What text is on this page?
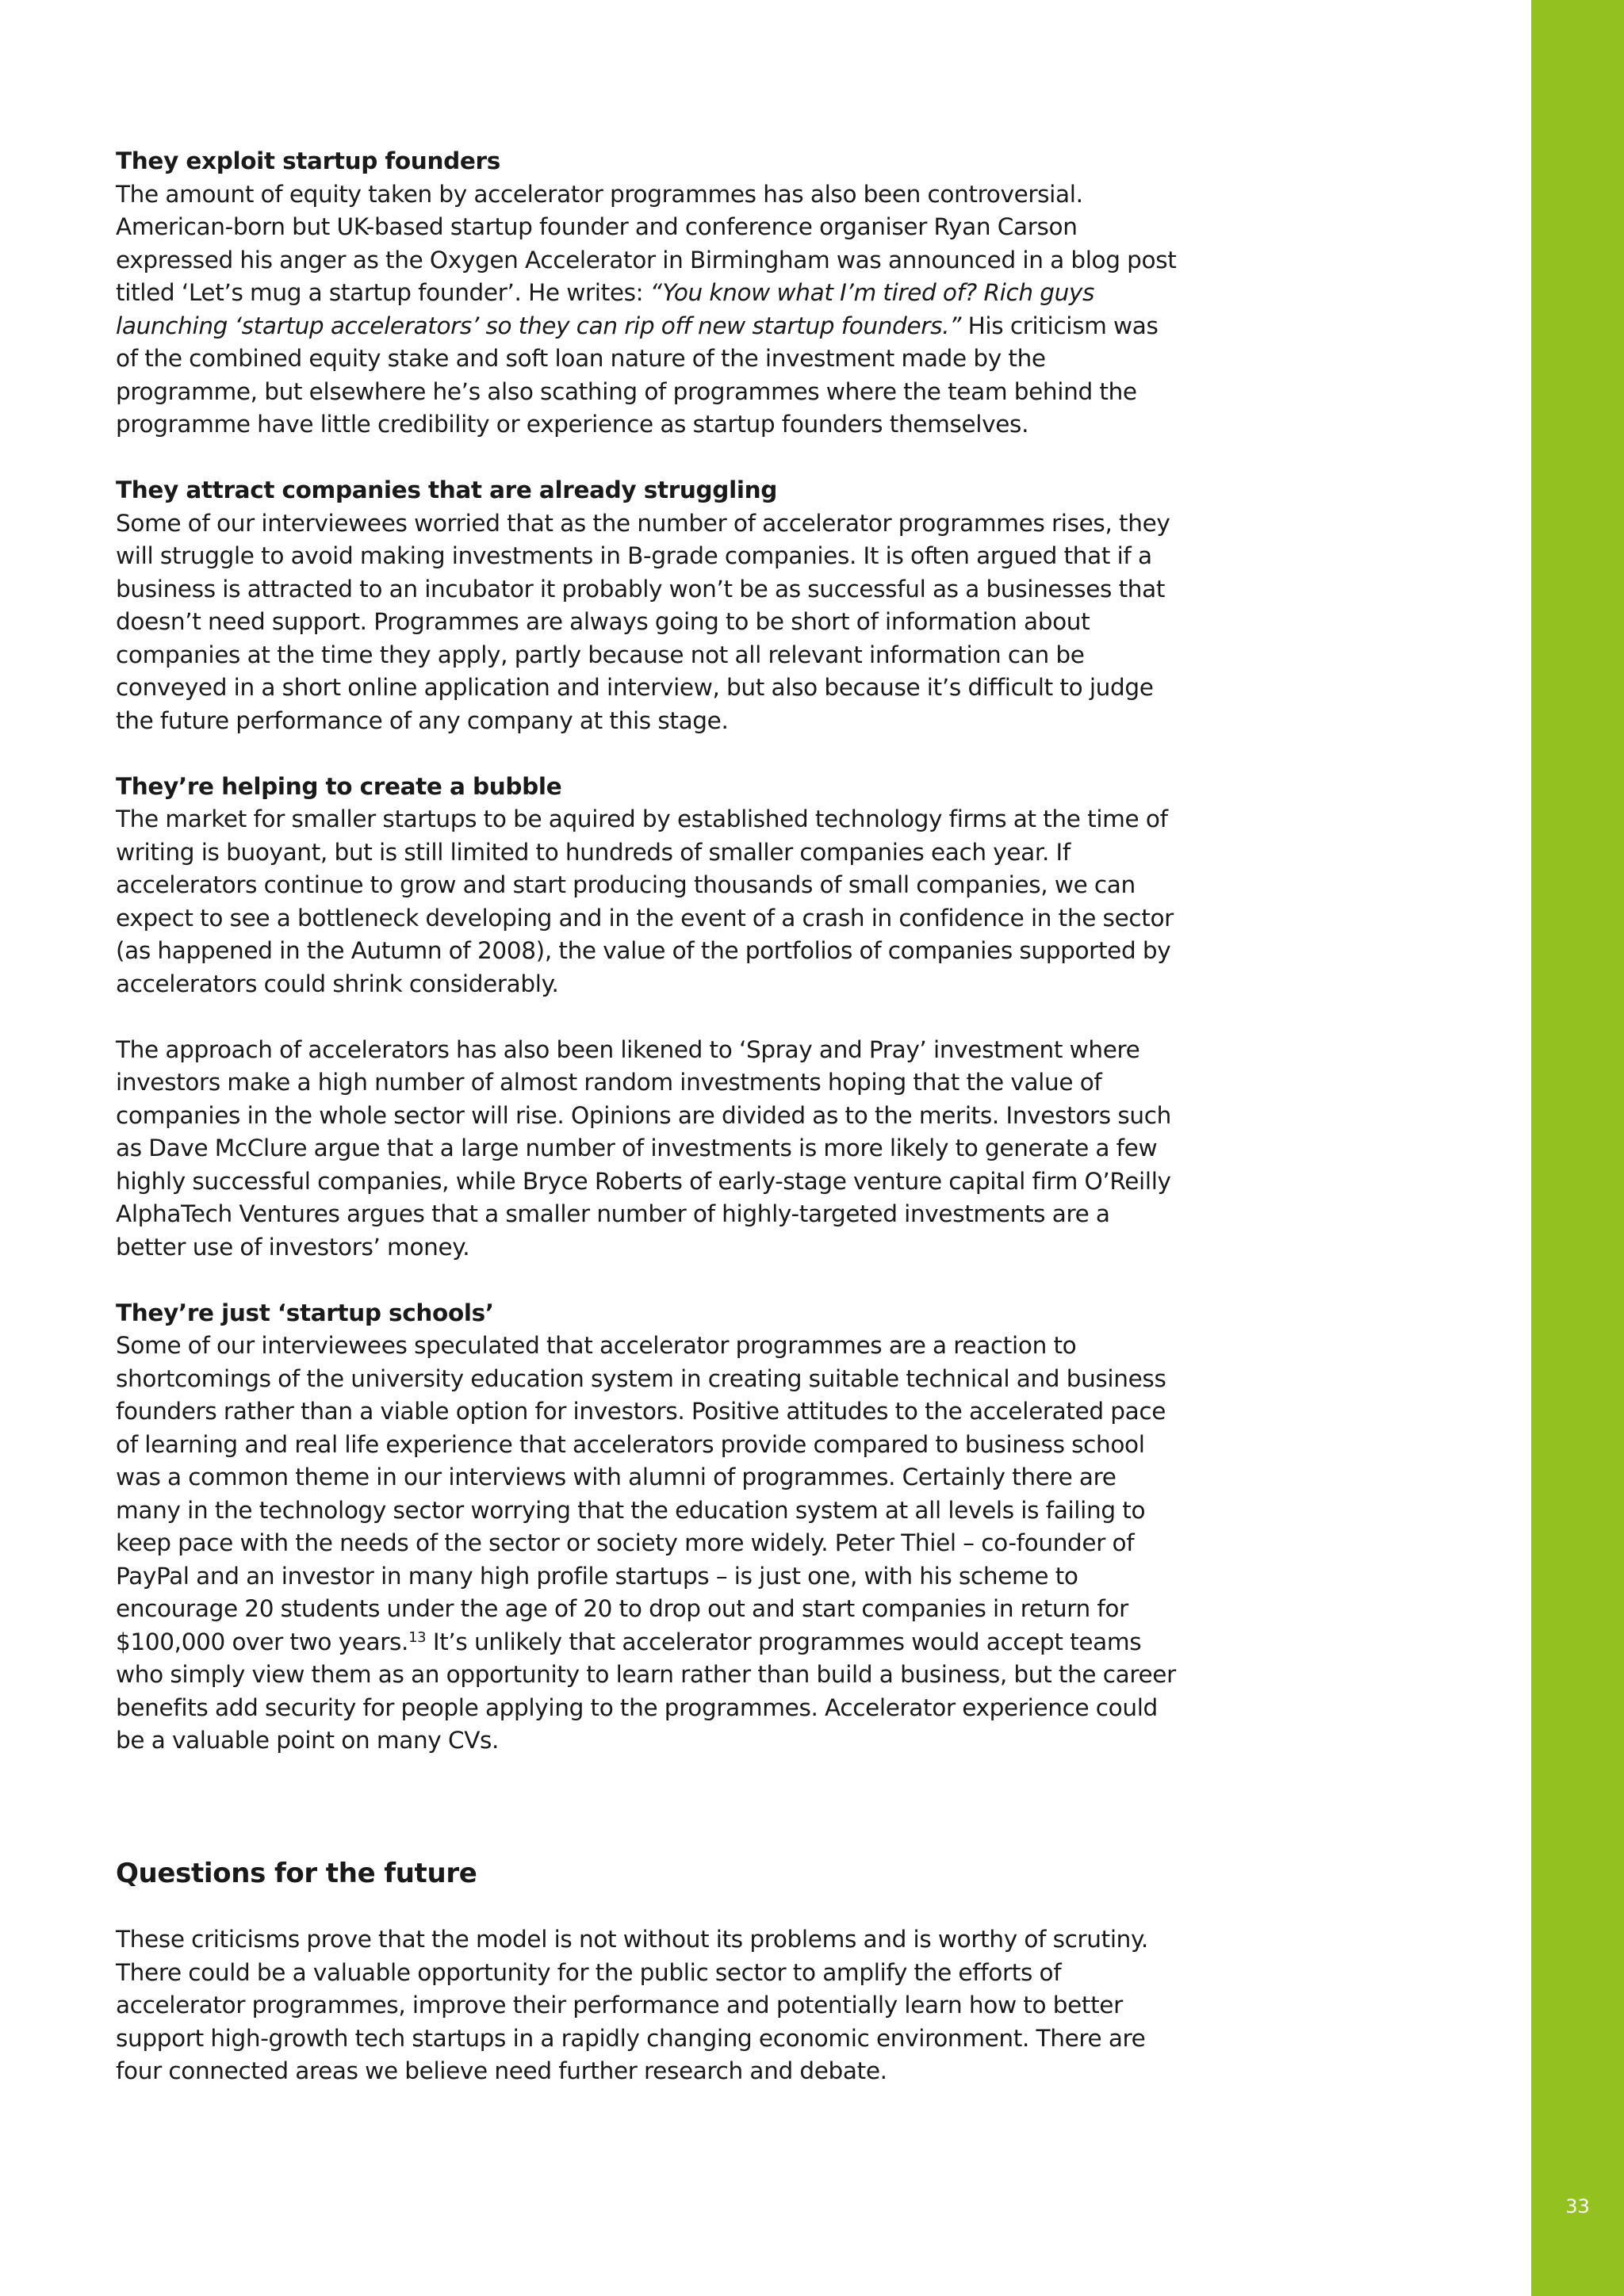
They exploit startup founders

The amount of equity taken by accelerator programmes has also been controversial. American-born but UK-based startup founder and conference organiser Ryan Carson expressed his anger as the Oxygen Accelerator in Birmingham was announced in a blog post titled ‘Let’s mug a startup founder’. He writes: “You know what I’m tired of? Rich guys launching ‘startup accelerators’ so they can rip off new startup founders.” His criticism was of the combined equity stake and soft loan nature of the investment made by the programme, but elsewhere he’s also scathing of programmes where the team behind the programme have little credibility or experience as startup founders themselves.

They attract companies that are already struggling

Some of our interviewees worried that as the number of accelerator programmes rises, they will struggle to avoid making investments in B-grade companies. It is often argued that if a business is attracted to an incubator it probably won’t be as successful as a businesses that doesn’t need support. Programmes are always going to be short of information about companies at the time they apply, partly because not all relevant information can be conveyed in a short online application and interview, but also because it’s difficult to judge the future performance of any company at this stage.

They’re helping to create a bubble

The market for smaller startups to be aquired by established technology firms at the time of writing is buoyant, but is still limited to hundreds of smaller companies each year. If accelerators continue to grow and start producing thousands of small companies, we can expect to see a bottleneck developing and in the event of a crash in confidence in the sector (as happened in the Autumn of 2008), the value of the portfolios of companies supported by accelerators could shrink considerably.

The approach of accelerators has also been likened to ‘Spray and Pray’ investment where investors make a high number of almost random investments hoping that the value of companies in the whole sector will rise. Opinions are divided as to the merits. Investors such as Dave McClure argue that a large number of investments is more likely to generate a few highly successful companies, while Bryce Roberts of early-stage venture capital firm O’Reilly AlphaTech Ventures argues that a smaller number of highly-targeted investments are a better use of investors’ money.

They’re just ‘startup schools’

Some of our interviewees speculated that accelerator programmes are a reaction to shortcomings of the university education system in creating suitable technical and business founders rather than a viable option for investors. Positive attitudes to the accelerated pace of learning and real life experience that accelerators provide compared to business school was a common theme in our interviews with alumni of programmes. Certainly there are many in the technology sector worrying that the education system at all levels is failing to keep pace with the needs of the sector or society more widely. Peter Thiel – co-founder of PayPal and an investor in many high profile startups – is just one, with his scheme to encourage 20 students under the age of 20 to drop out and start companies in return for $100,000 over two years.$^{13}$ It’s unlikely that accelerator programmes would accept teams who simply view them as an opportunity to learn rather than build a business, but the career benefits add security for people applying to the programmes. Accelerator experience could be a valuable point on many CVs.

Questions for the future

These criticisms prove that the model is not without its problems and is worthy of scrutiny. There could be a valuable opportunity for the public sector to amplify the efforts of accelerator programmes, improve their performance and potentially learn how to better support high-growth tech startups in a rapidly changing economic environment. There are four connected areas we believe need further research and debate.

33
